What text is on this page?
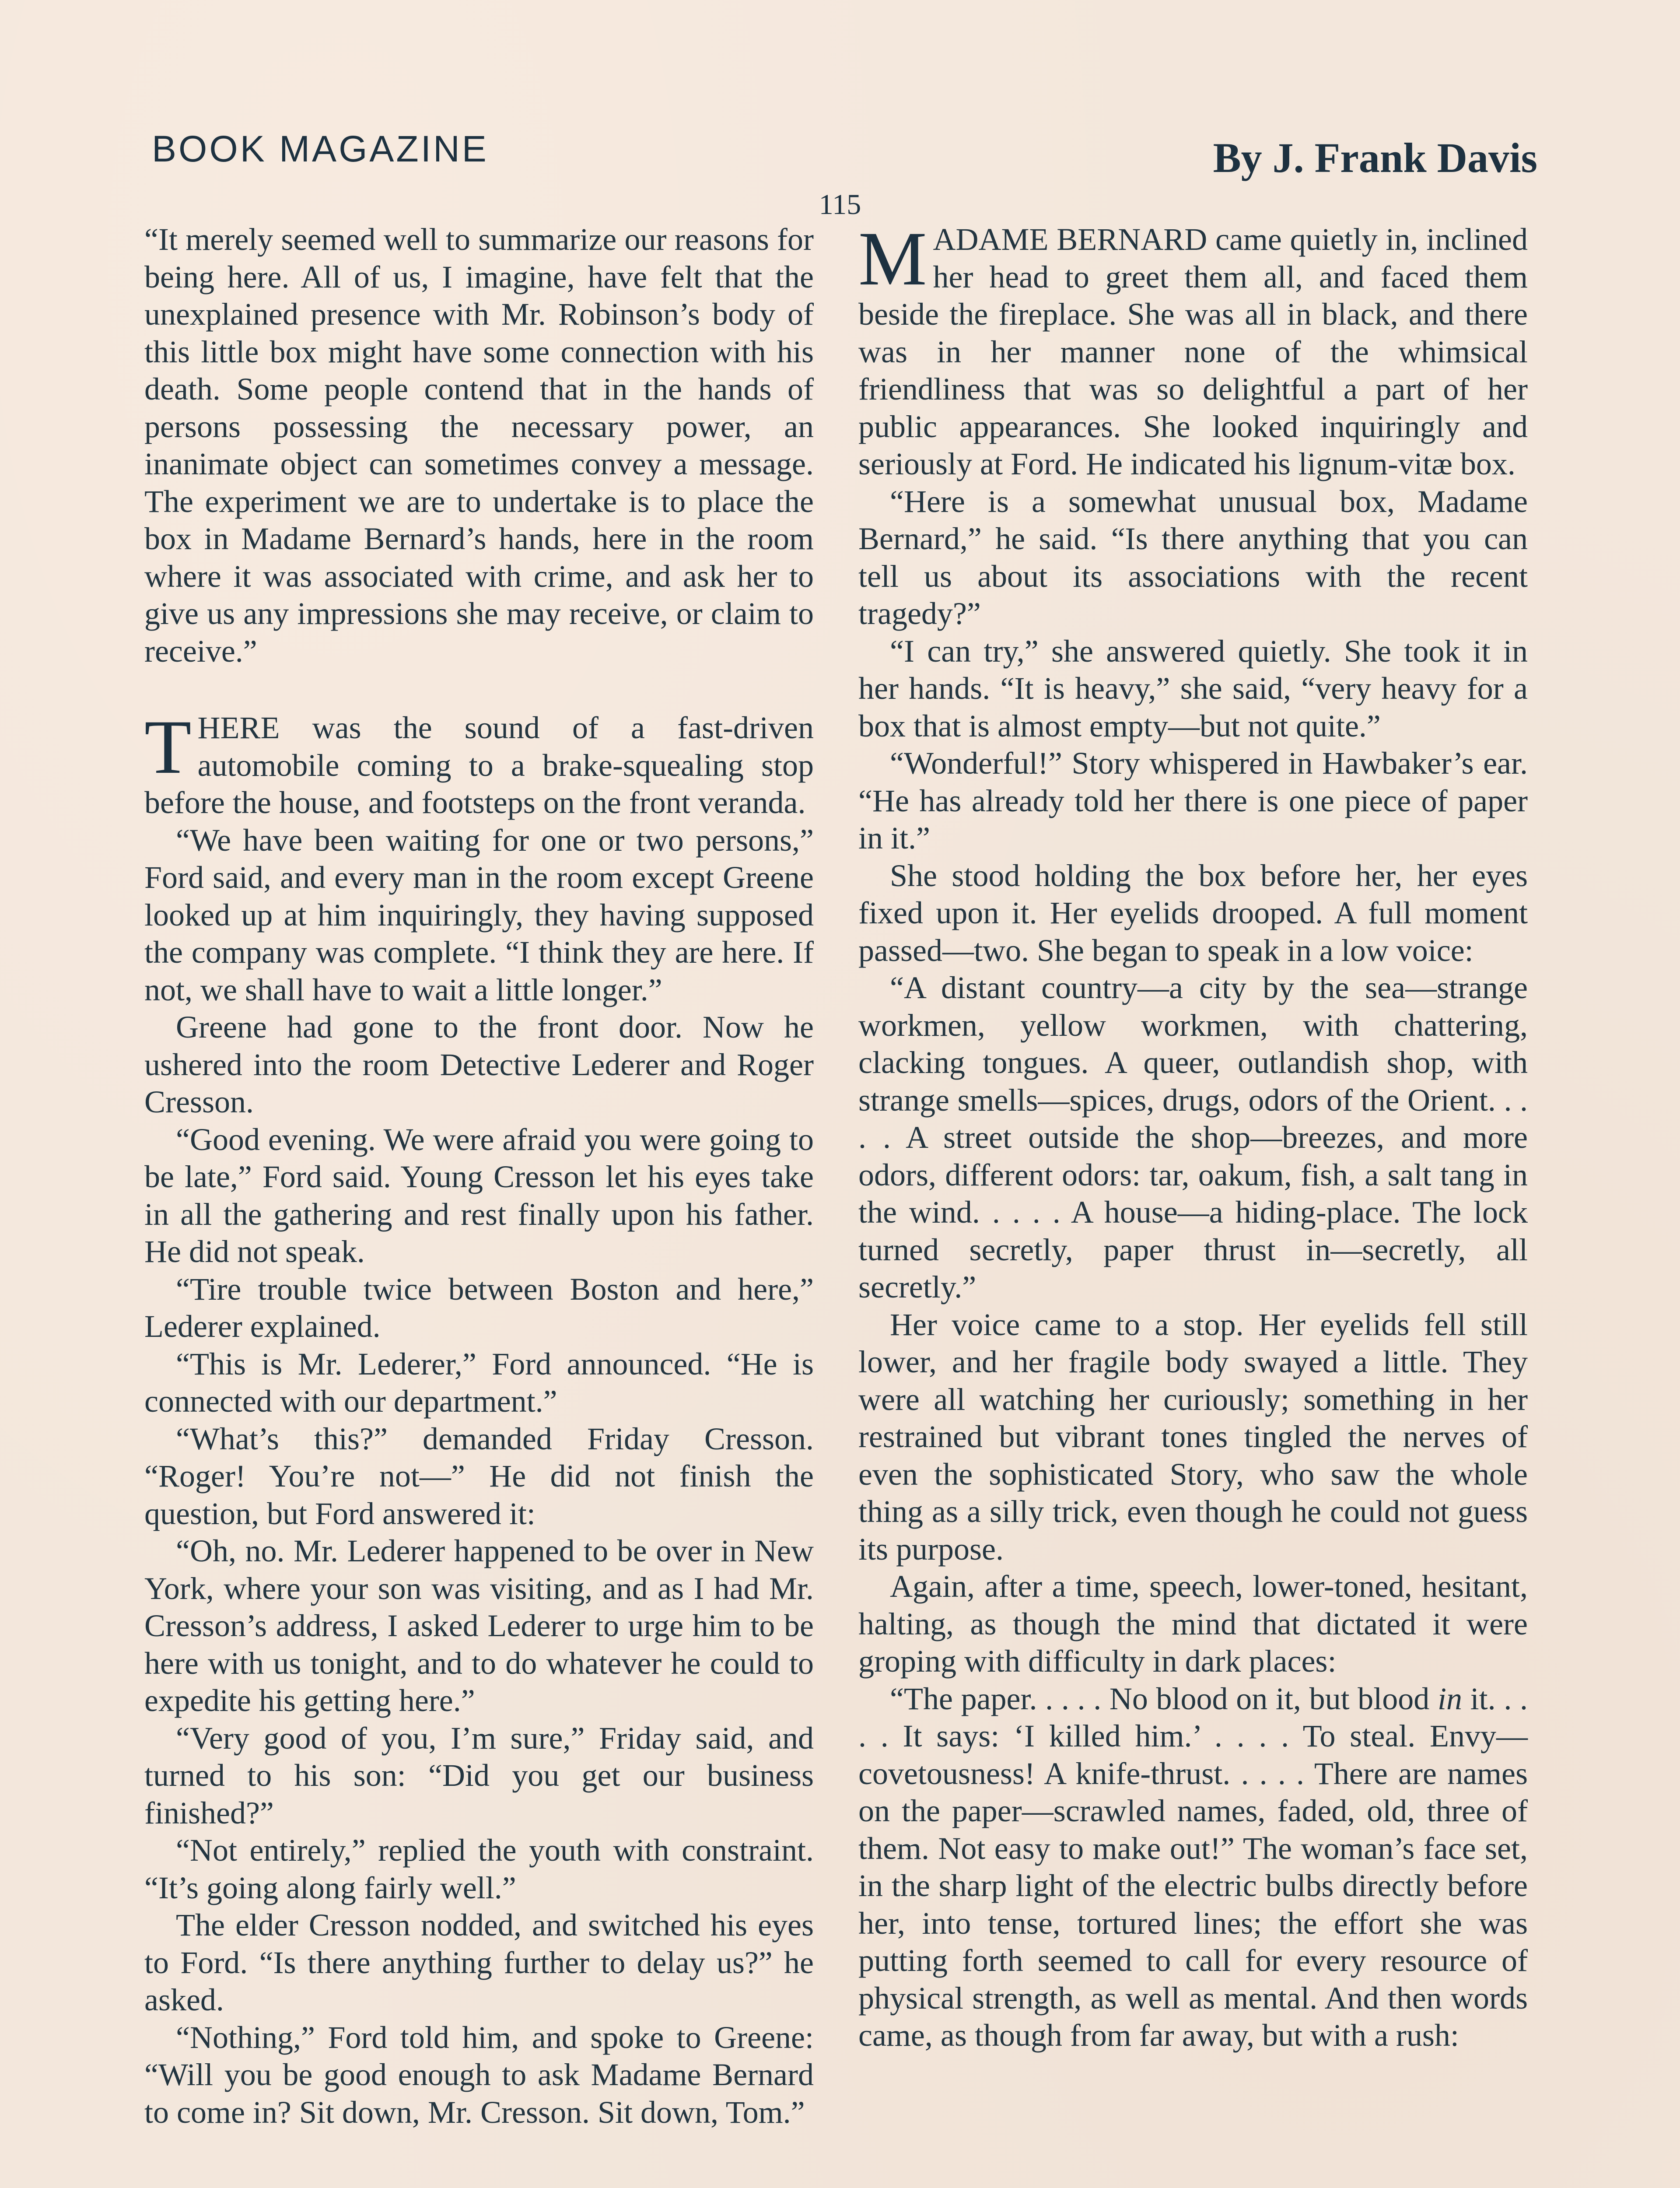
BOOK MAGAZINE	By J. Frank Davis
115

“It merely seemed well to summarize our reasons for being here. All of us, I imagine, have felt that the unexplained presence with Mr. Robinson’s body of this little box might have some connection with his death. Some people contend that in the hands of persons possessing the necessary power, an inanimate object can sometimes convey a message. The experiment we are to undertake is to place the box in Madame Bernard’s hands, here in the room where it was associated with crime, and ask her to give us any impressions she may receive, or claim to receive.”

THERE was the sound of a fast-driven automobile coming to a brake-squealing stop before the house, and footsteps on the front veranda.

“We have been waiting for one or two persons,” Ford said, and every man in the room except Greene looked up at him inquiringly, they having supposed the company was complete. “I think they are here. If not, we shall have to wait a little longer.”

Greene had gone to the front door. Now he ushered into the room Detective Lederer and Roger Cresson.

“Good evening. We were afraid you were going to be late,” Ford said. Young Cresson let his eyes take in all the gathering and rest finally upon his father. He did not speak.

“Tire trouble twice between Boston and here,” Lederer explained.

“This is Mr. Lederer,” Ford announced. “He is connected with our department.”

“What’s this?” demanded Friday Cresson. “Roger! You’re not—” He did not finish the question, but Ford answered it:

“Oh, no. Mr. Lederer happened to be over in New York, where your son was visiting, and as I had Mr. Cresson’s address, I asked Lederer to urge him to be here with us tonight, and to do whatever he could to expedite his getting here.”

“Very good of you, I’m sure,” Friday said, and turned to his son: “Did you get our business finished?”

“Not entirely,” replied the youth with constraint. “It’s going along fairly well.”

The elder Cresson nodded, and switched his eyes to Ford. “Is there anything further to delay us?” he asked.

“Nothing,” Ford told him, and spoke to Greene: “Will you be good enough to ask Madame Bernard to come in? Sit down, Mr. Cresson. Sit down, Tom.”

MADAME BERNARD came quietly in, inclined her head to greet them all, and faced them beside the fireplace. She was all in black, and there was in her manner none of the whimsical friendliness that was so delightful a part of her public appearances. She looked inquiringly and seriously at Ford. He indicated his lignum-vitæ box.

“Here is a somewhat unusual box, Madame Bernard,” he said. “Is there anything that you can tell us about its associations with the recent tragedy?”

“I can try,” she answered quietly. She took it in her hands. “It is heavy,” she said, “very heavy for a box that is almost empty—but not quite.”

“Wonderful!” Story whispered in Hawbaker’s ear. “He has already told her there is one piece of paper in it.”

She stood holding the box before her, her eyes fixed upon it. Her eyelids drooped. A full moment passed—two. She began to speak in a low voice:

“A distant country—a city by the sea—strange workmen, yellow workmen, with chattering, clacking tongues. A queer, outlandish shop, with strange smells—spices, drugs, odors of the Orient. . . . . A street outside the shop—breezes, and more odors, different odors: tar, oakum, fish, a salt tang in the wind. . . . . A house—a hiding-place. The lock turned secretly, paper thrust in—secretly, all secretly.”

Her voice came to a stop. Her eyelids fell still lower, and her fragile body swayed a little. They were all watching her curiously; something in her restrained but vibrant tones tingled the nerves of even the sophisticated Story, who saw the whole thing as a silly trick, even though he could not guess its purpose.

Again, after a time, speech, lower-toned, hesitant, halting, as though the mind that dictated it were groping with difficulty in dark places:

“The paper. . . . . No blood on it, but blood in it. . . . . It says: ‘I killed him.’ . . . . To steal. Envy—covetousness! A knife-thrust. . . . . There are names on the paper—scrawled names, faded, old, three of them. Not easy to make out!” The woman’s face set, in the sharp light of the electric bulbs directly before her, into tense, tortured lines; the effort she was putting forth seemed to call for every resource of physical strength, as well as mental. And then words came, as though from far away, but with a rush:
